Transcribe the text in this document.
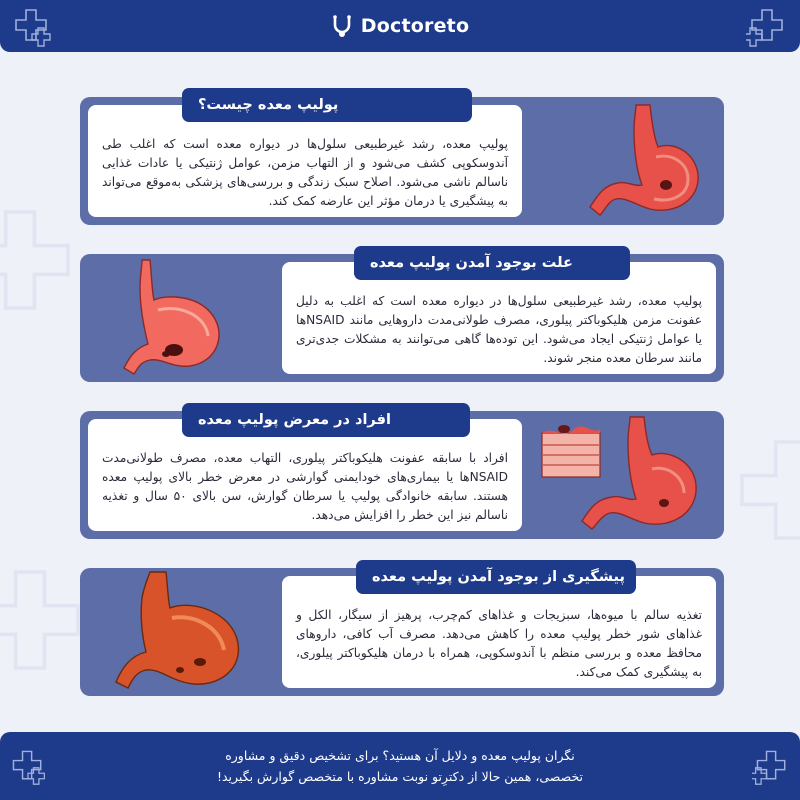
Doctoreto
پولیپ معده، رشد غیرطبیعی سلول‌ها در دیواره معده است که اغلب طی آندوسکوپی کشف می‌شود و از التهاب مزمن، عوامل ژنتیکی یا عادات غذایی ناسالم ناشی می‌شود. اصلاح سبک زندگی و بررسی‌های پزشکی به‌موقع می‌تواند به پیشگیری یا درمان مؤثر این عارضه کمک کند.
پولیپ معده چیست؟
پولیپ معده، رشد غیرطبیعی سلول‌ها در دیواره معده است که اغلب به دلیل عفونت مزمن هلیکوباکتر پیلوری، مصرف طولانی‌مدت داروهایی مانند NSAIDها یا عوامل ژنتیکی ایجاد می‌شود. این توده‌ها گاهی می‌توانند به مشکلات جدی‌تری مانند سرطان معده منجر شوند.
علت بوجود آمدن پولیپ معده
افراد با سابقه عفونت هلیکوباکتر پیلوری، التهاب معده، مصرف طولانی‌مدت NSAIDها یا بیماری‌های خودایمنی گوارشی در معرض خطر بالای پولیپ معده هستند. سابقه خانوادگی پولیپ یا سرطان گوارش، سن بالای ۵۰ سال و تغذیه ناسالم نیز این خطر را افزایش می‌دهد.
افراد در معرض پولیپ معده
تغذیه سالم با میوه‌ها، سبزیجات و غذاهای کم‌چرب، پرهیز از سیگار، الکل و غذاهای شور خطر پولیپ معده را کاهش می‌دهد. مصرف آب کافی، داروهای محافظ معده و بررسی منظم با آندوسکوپی، همراه با درمان هلیکوباکتر پیلوری، به پیشگیری کمک می‌کند.
پیشگیری از بوجود آمدن پولیپ معده
نگران پولیپ معده و دلایل آن هستید؟ برای تشخیص دقیق و مشاوره
تخصصی، همین حالا از دکترِتو نوبت مشاوره با متخصص گوارش بگیرید!
